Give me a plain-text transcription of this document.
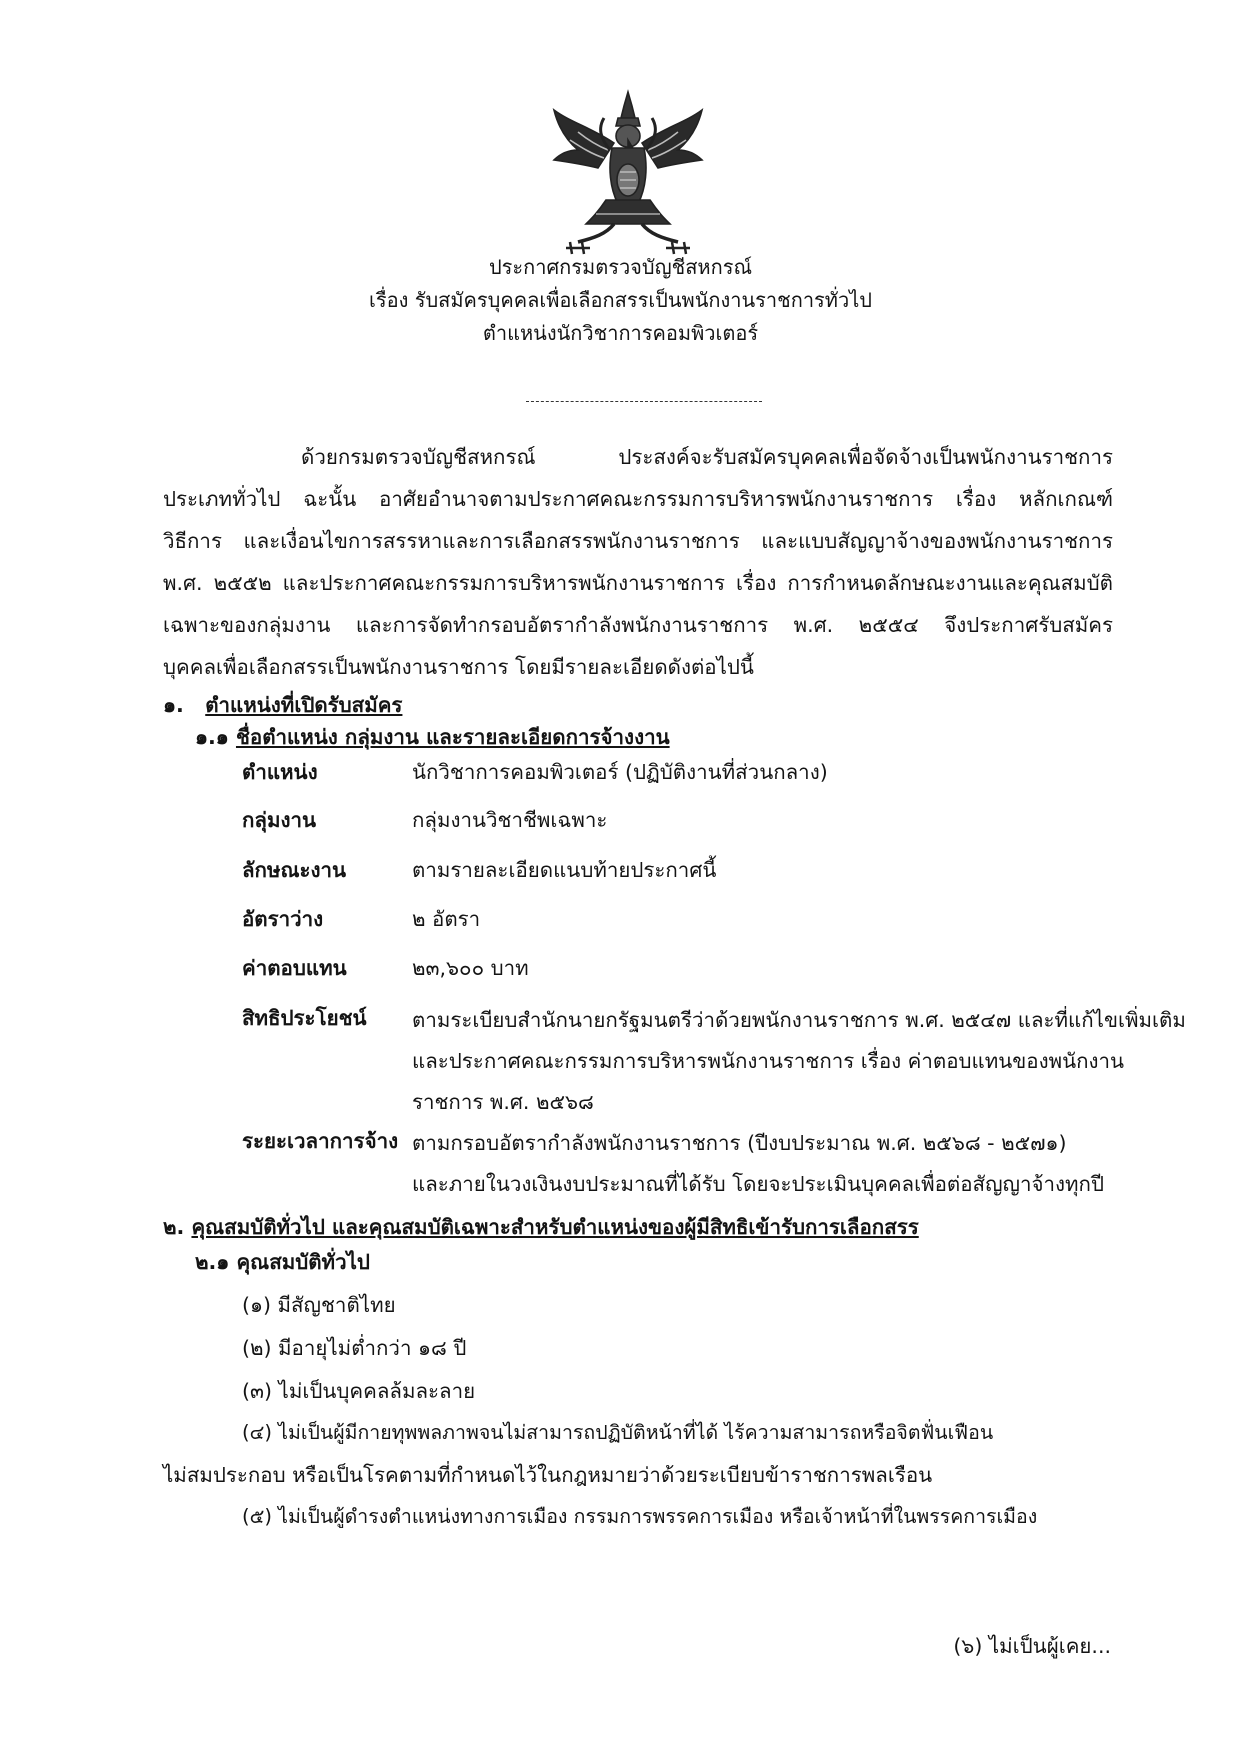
ประกาศกรมตรวจบัญชีสหกรณ์
เรื่อง รับสมัครบุคคลเพื่อเลือกสรรเป็นพนักงานราชการทั่วไป
ตำแหน่งนักวิชาการคอมพิวเตอร์
ด้วยกรมตรวจบัญชีสหกรณ์ ประสงค์จะรับสมัครบุคคลเพื่อจัดจ้างเป็นพนักงานราชการ
ประเภททั่วไป ฉะนั้น อาศัยอำนาจตามประกาศคณะกรรมการบริหารพนักงานราชการ เรื่อง หลักเกณฑ์
วิธีการ และเงื่อนไขการสรรหาและการเลือกสรรพนักงานราชการ และแบบสัญญาจ้างของพนักงานราชการ
พ.ศ. ๒๕๕๒ และประกาศคณะกรรมการบริหารพนักงานราชการ เรื่อง การกำหนดลักษณะงานและคุณสมบัติ
เฉพาะของกลุ่มงาน และการจัดทำกรอบอัตรากำลังพนักงานราชการ พ.ศ. ๒๕๕๔ จึงประกาศรับสมัคร
บุคคลเพื่อเลือกสรรเป็นพนักงานราชการ โดยมีรายละเอียดดังต่อไปนี้
๑. ตำแหน่งที่เปิดรับสมัคร
๑.๑ ชื่อตำแหน่ง กลุ่มงาน และรายละเอียดการจ้างงาน
ตำแหน่ง	นักวิชาการคอมพิวเตอร์ (ปฏิบัติงานที่ส่วนกลาง)
กลุ่มงาน	กลุ่มงานวิชาชีพเฉพาะ
ลักษณะงาน	ตามรายละเอียดแนบท้ายประกาศนี้
อัตราว่าง	๒ อัตรา
ค่าตอบแทน	๒๓,๖๐๐ บาท
สิทธิประโยชน์ ตามระเบียบสำนักนายกรัฐมนตรีว่าด้วยพนักงานราชการ พ.ศ. ๒๕๔๗ และที่แก้ไขเพิ่มเติม
และประกาศคณะกรรมการบริหารพนักงานราชการ เรื่อง ค่าตอบแทนของพนักงาน
ราชการ พ.ศ. ๒๕๖๘
ระยะเวลาการจ้าง ตามกรอบอัตรากำลังพนักงานราชการ (ปีงบประมาณ พ.ศ. ๒๕๖๘ - ๒๕๗๑)
และภายในวงเงินงบประมาณที่ได้รับ โดยจะประเมินบุคคลเพื่อต่อสัญญาจ้างทุกปี
๒. คุณสมบัติทั่วไป และคุณสมบัติเฉพาะสำหรับตำแหน่งของผู้มีสิทธิเข้ารับการเลือกสรร
๒.๑ คุณสมบัติทั่วไป
(๑) มีสัญชาติไทย
(๒) มีอายุไม่ต่ำกว่า ๑๘ ปี
(๓) ไม่เป็นบุคคลล้มละลาย
(๔) ไม่เป็นผู้มีกายทุพพลภาพจนไม่สามารถปฏิบัติหน้าที่ได้ ไร้ความสามารถหรือจิตฟั่นเฟือน
ไม่สมประกอบ หรือเป็นโรคตามที่กำหนดไว้ในกฎหมายว่าด้วยระเบียบข้าราชการพลเรือน
(๕) ไม่เป็นผู้ดำรงตำแหน่งทางการเมือง กรรมการพรรคการเมือง หรือเจ้าหน้าที่ในพรรคการเมือง
(๖) ไม่เป็นผู้เคย...
